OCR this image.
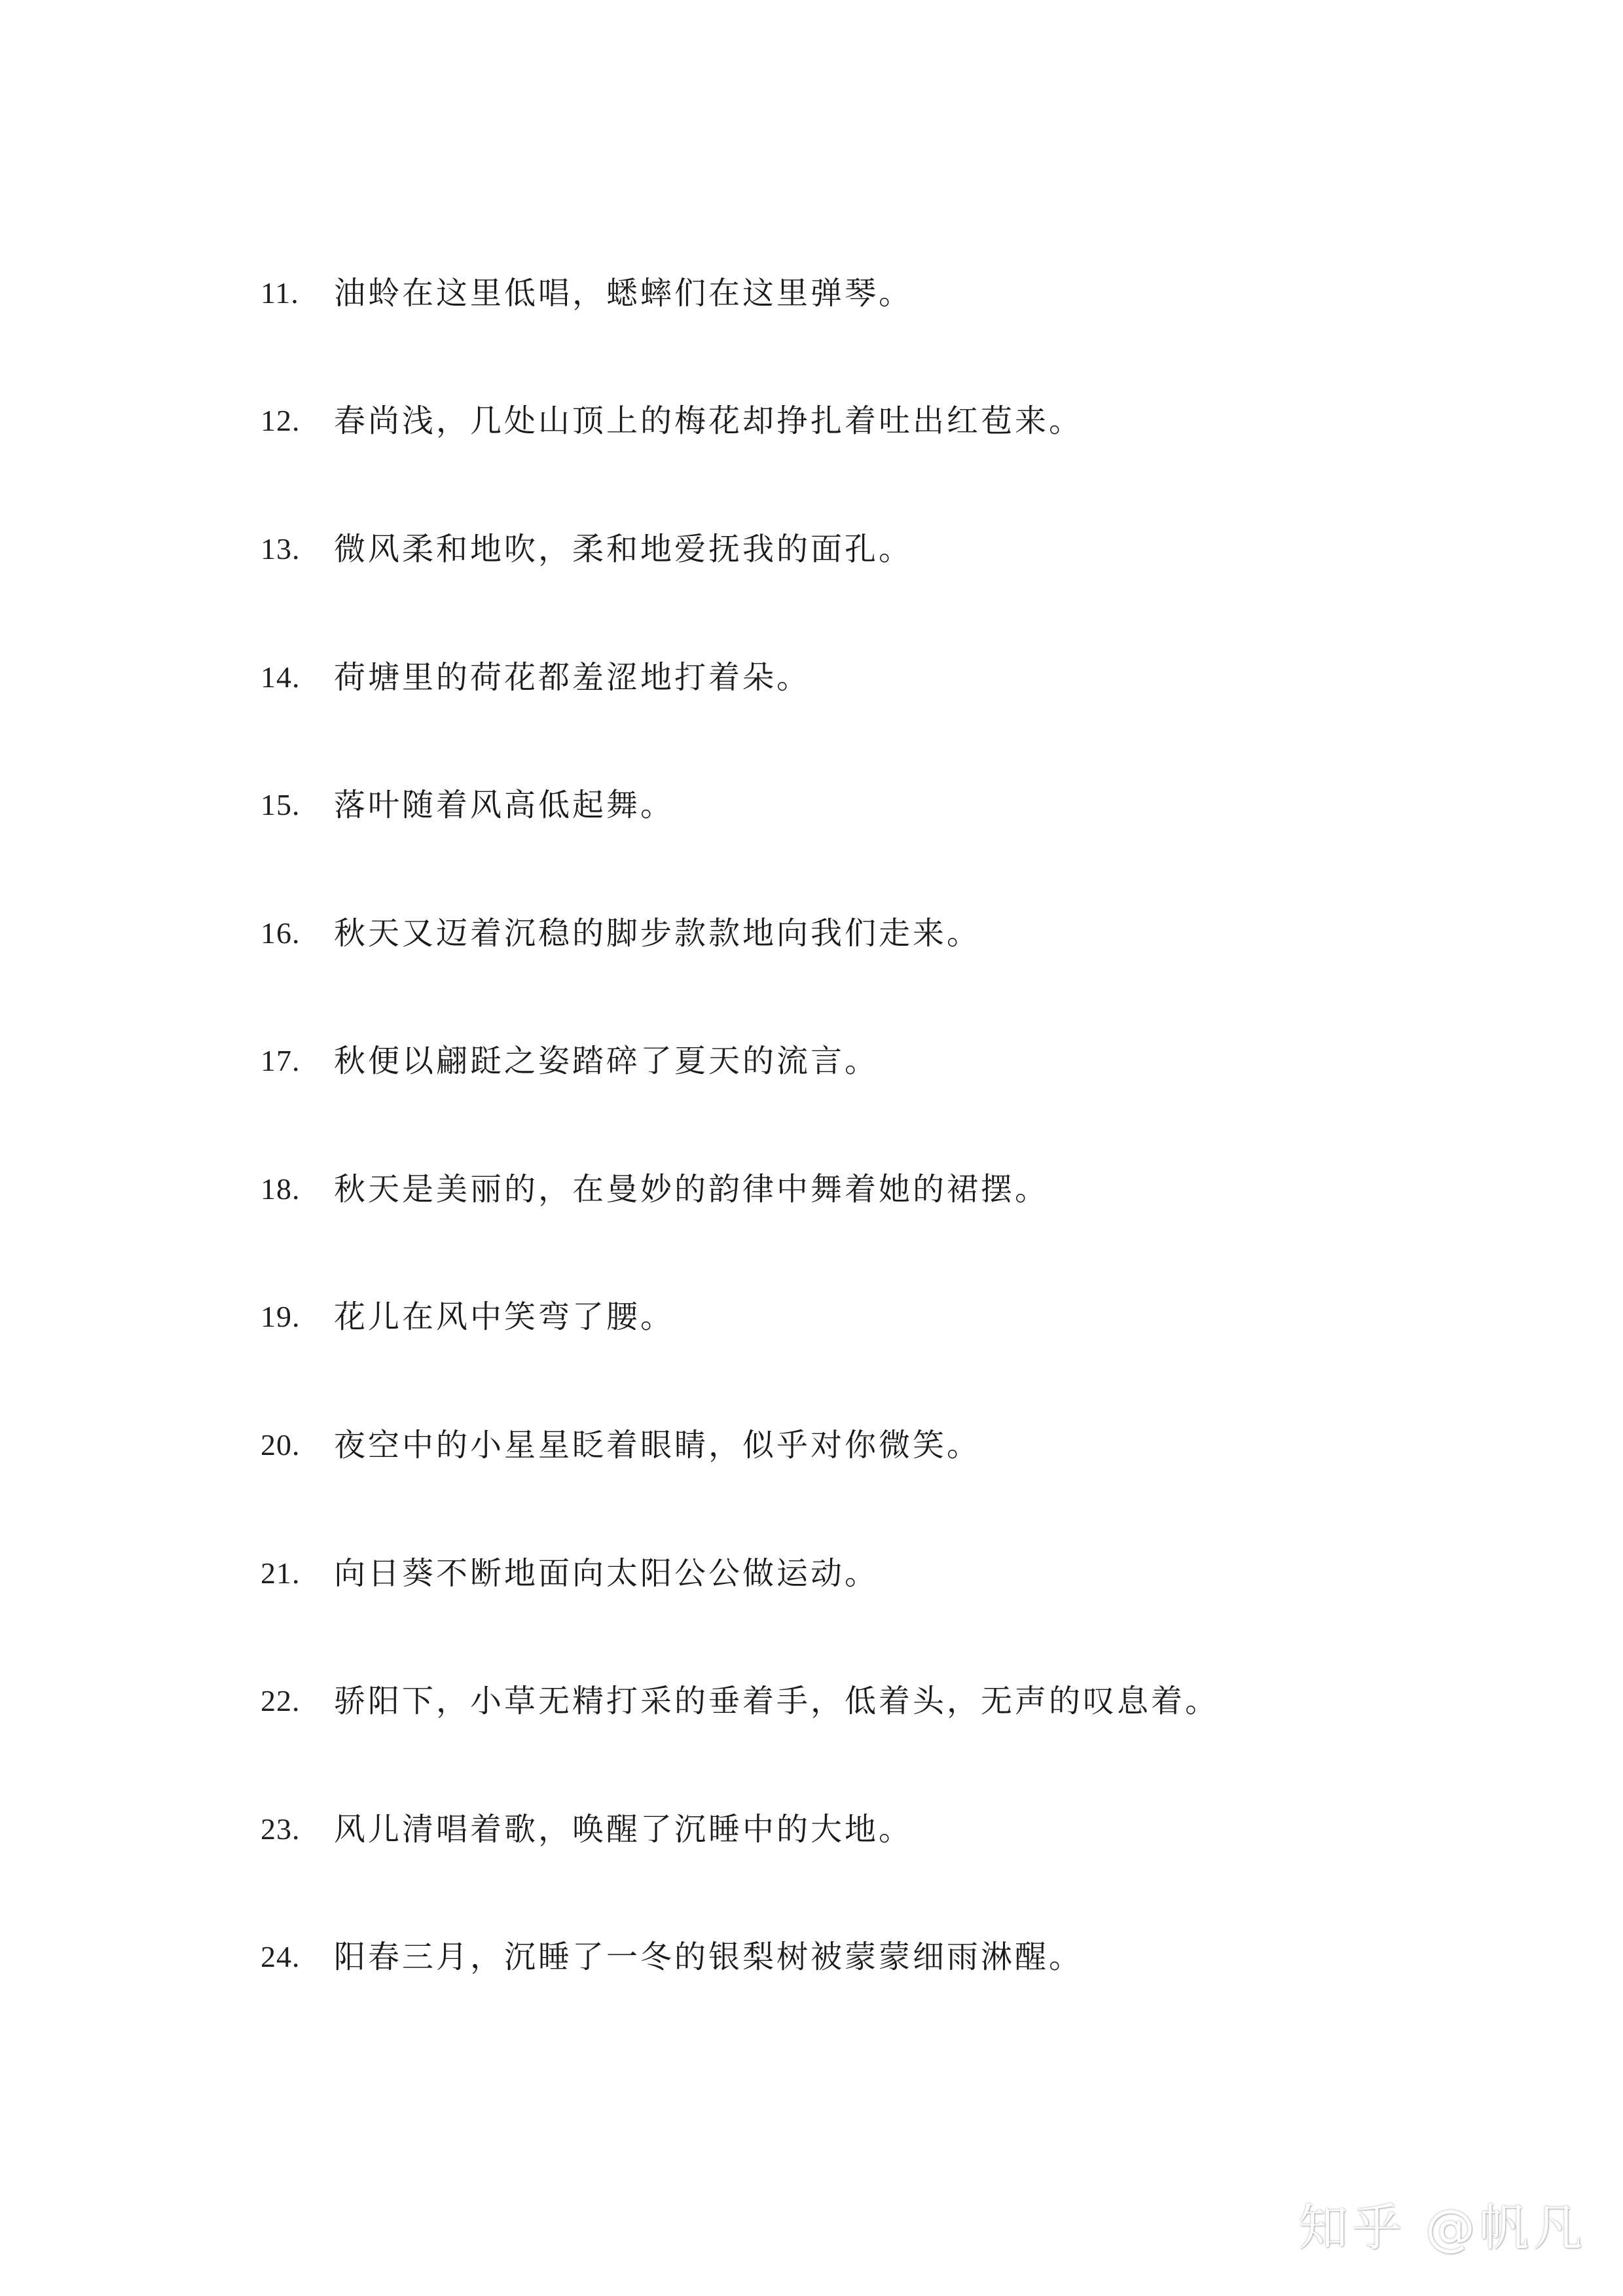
11.	油蛉在这里低唱，蟋蟀们在这里弹琴。
12.	春尚浅，几处山顶上的梅花却挣扎着吐出红苞来。
13.	微风柔和地吹，柔和地爱抚我的面孔。
14.	荷塘里的荷花都羞涩地打着朵。
15.	落叶随着风高低起舞。
16.	秋天又迈着沉稳的脚步款款地向我们走来。
17.	秋便以翩跹之姿踏碎了夏天的流言。
18.	秋天是美丽的，在曼妙的韵律中舞着她的裙摆。
19.	花儿在风中笑弯了腰。
20.	夜空中的小星星眨着眼睛，似乎对你微笑。
21.	向日葵不断地面向太阳公公做运动。
22.	骄阳下，小草无精打采的垂着手，低着头，无声的叹息着。
23.	风儿清唱着歌，唤醒了沉睡中的大地。
24.	阳春三月，沉睡了一冬的银梨树被蒙蒙细雨淋醒。
知乎 @帆凡
